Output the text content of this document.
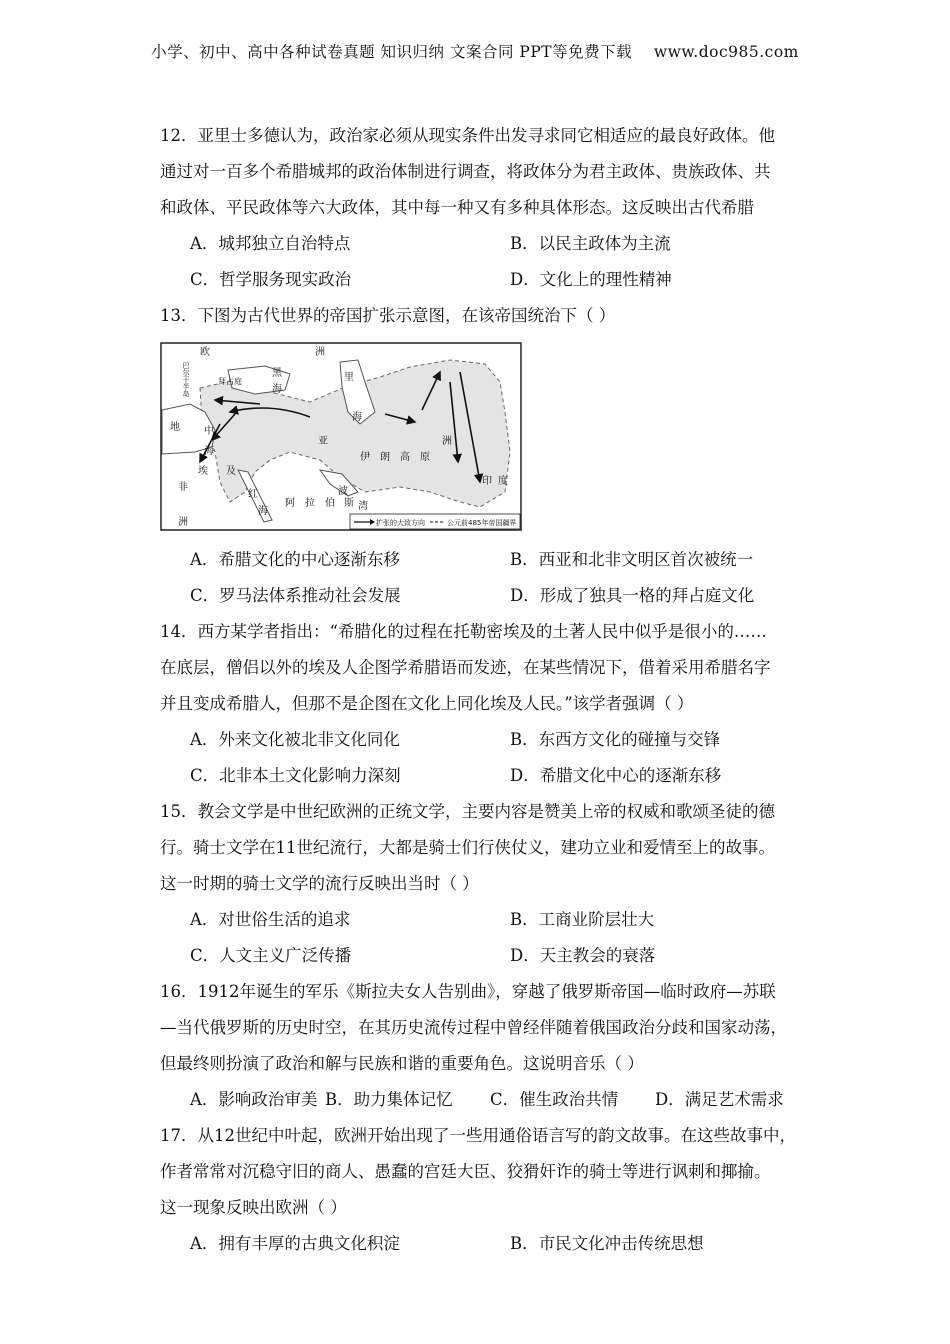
小学、初中、高中各种试卷真题 知识归纳 文案合同 PPT等免费下载 www.doc985.com

12．亚里士多德认为，政治家必须从现实条件出发寻求同它相适应的最良好政体。他
通过对一百多个希腊城邦的政治体制进行调查，将政体分为君主政体、贵族政体、共
和政体、平民政体等六大政体，其中每一种又有多种具体形态。这反映出古代希腊

A．城邦独立自治特点	B．以民主政体为主流
C．哲学服务现实政治	D．文化上的理性精神

13．下图为古代世界的帝国扩张示意图，在该帝国统治下（ ）

欧	洲
巴尔干半岛	拜占庭
黑
海
里
海
地 中
海
亚	洲
伊　朗　高　原
埃 及
非
洲
红
海
阿　拉　伯
波
斯 湾
印 度
扩张的大致方向	公元前485年帝国疆界
A．希腊文化的中心逐渐东移	B．西亚和北非文明区首次被统一
C．罗马法体系推动社会发展	D．形成了独具一格的拜占庭文化

14．西方某学者指出：“希腊化的过程在托勒密埃及的土著人民中似乎是很小的……
在底层，僧侣以外的埃及人企图学希腊语而发迹，在某些情况下，借着采用希腊名字
并且变成希腊人，但那不是企图在文化上同化埃及人民。”该学者强调（ ）

A．外来文化被北非文化同化	B．东西方文化的碰撞与交锋
C．北非本土文化影响力深刻	D．希腊文化中心的逐渐东移

15．教会文学是中世纪欧洲的正统文学，主要内容是赞美上帝的权威和歌颂圣徒的德
行。骑士文学在11世纪流行，大都是骑士们行侠仗义，建功立业和爱情至上的故事。
这一时期的骑士文学的流行反映出当时（ ）

A．对世俗生活的追求	B．工商业阶层壮大
C．人文主义广泛传播	D．天主教会的衰落

16．1912年诞生的军乐《斯拉夫女人告别曲》，穿越了俄罗斯帝国—临时政府—苏联
—当代俄罗斯的历史时空，在其历史流传过程中曾经伴随着俄国政治分歧和国家动荡，
但最终则扮演了政治和解与民族和谐的重要角色。这说明音乐（ ）

A．影响政治审美 B．助力集体记忆	C．催生政治共情	D．满足艺术需求

17．从12世纪中叶起，欧洲开始出现了一些用通俗语言写的韵文故事。在这些故事中，
作者常常对沉稳守旧的商人、愚蠢的宫廷大臣、狡猾奸诈的骑士等进行讽刺和揶揄。
这一现象反映出欧洲（ ）

A．拥有丰厚的古典文化积淀	B．市民文化冲击传统思想
